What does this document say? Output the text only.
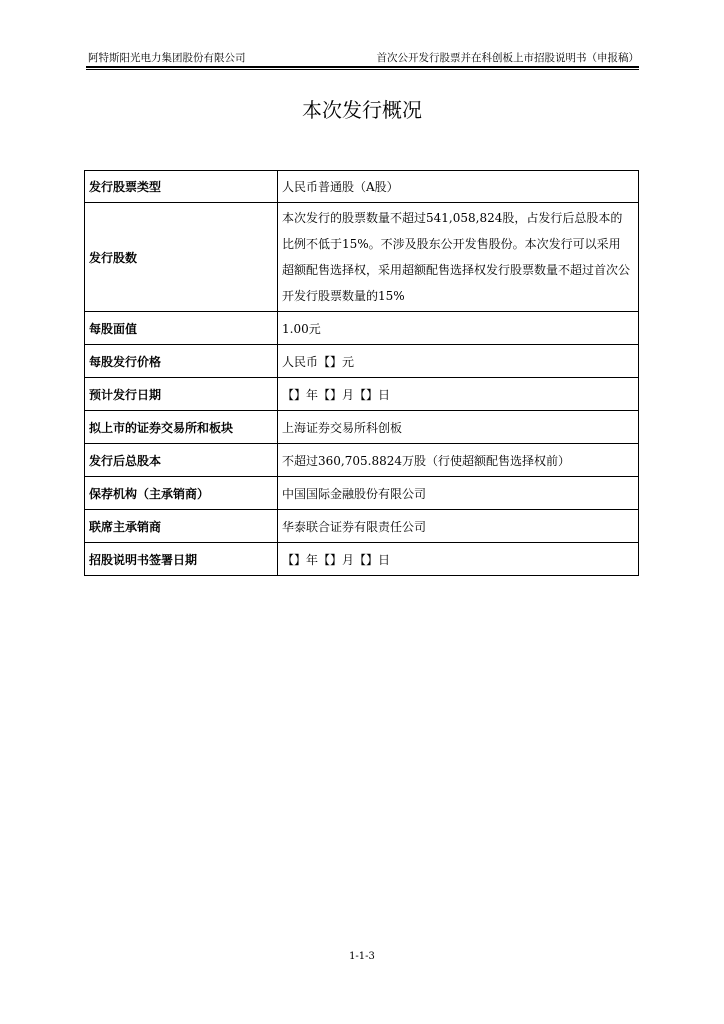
阿特斯阳光电力集团股份有限公司	首次公开发行股票并在科创板上市招股说明书（申报稿）
本次发行概况
发行股票类型	人民币普通股（A股）
发行股数	本次发行的股票数量不超过541,058,824股，占发行后总股本的比例不低于15%。不涉及股东公开发售股份。本次发行可以采用超额配售选择权，采用超额配售选择权发行股票数量不超过首次公开发行股票数量的15%
每股面值	1.00元
每股发行价格	人民币【】元
预计发行日期	【】年【】月【】日
拟上市的证券交易所和板块	上海证券交易所科创板
发行后总股本	不超过360,705.8824万股（行使超额配售选择权前）
保荐机构（主承销商）	中国国际金融股份有限公司
联席主承销商	华泰联合证券有限责任公司
招股说明书签署日期	【】年【】月【】日
1-1-3
